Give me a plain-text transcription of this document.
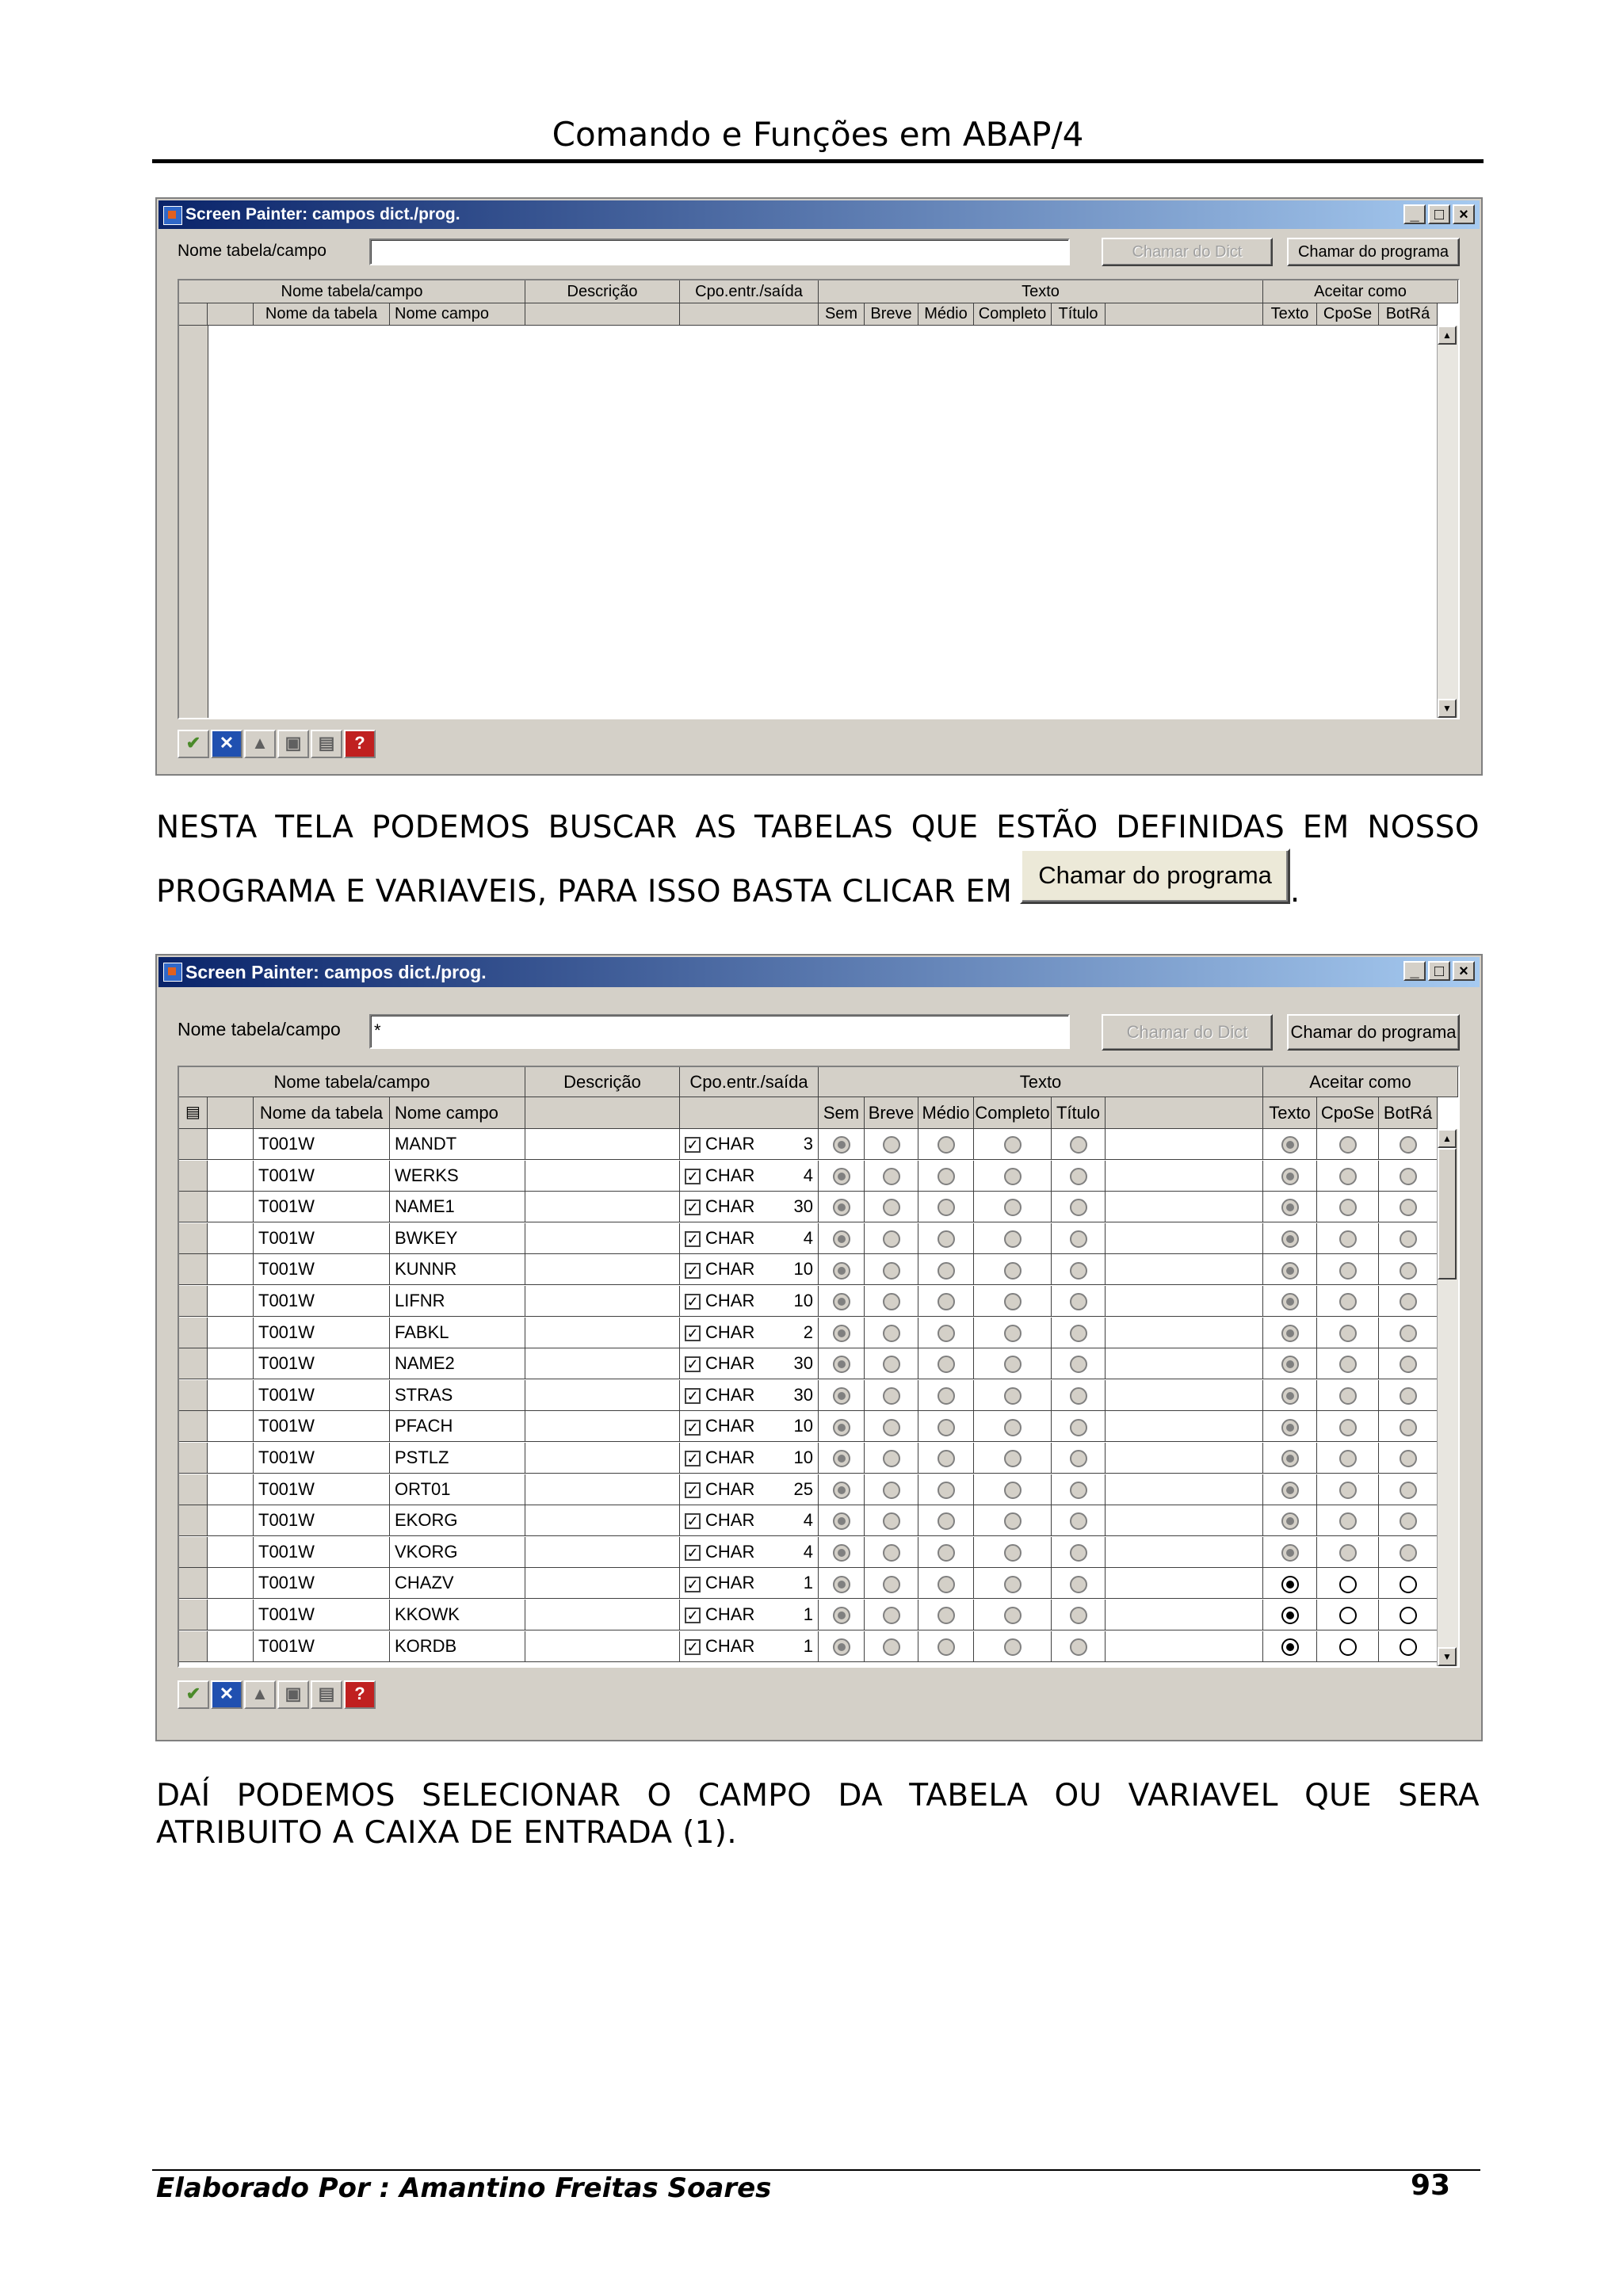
Comando e Funções em ABAP/4
Screen Painter: campos dict./prog.	_ □ ×
Nome tabela/campo	Chamar do Dict	Chamar do programa
Nome tabela/campo	Descrição	Cpo.entr./saída	Texto	Aceitar como
Nome da tabela	Nome campo	Sem Breve Médio Completo Título	Texto CpoSe BotRá
▲
▼
✔	✕ ▲ ▣ ▤	?
NESTA TELA PODEMOS BUSCAR AS TABELAS QUE ESTÃO DEFINIDAS EM NOSSO
PROGRAMA E VARIAVEIS, PARA ISSO BASTA CLICAR EM	Chamar do programa .
Screen Painter: campos dict./prog.	_ □ ×
Nome tabela/campo *	Chamar do Dict	Chamar do programa
Nome tabela/campo	Descrição	Cpo.entr./saída	Texto	Aceitar como
▤	Nome da tabela Nome campo	Sem Breve Médio Completo Título	Texto CpoSe BotRá
T001W	MANDT	✓ CHAR	3
T001W	WERKS	✓ CHAR	4
T001W	NAME1	✓ CHAR 30
T001W	BWKEY	✓ CHAR	4
T001W	KUNNR	✓ CHAR 10
T001W	LIFNR	✓ CHAR 10
T001W	FABKL	✓ CHAR	2
T001W	NAME2	✓ CHAR 30
T001W	STRAS	✓ CHAR 30
T001W	PFACH	✓ CHAR 10
T001W	PSTLZ	✓ CHAR 10
T001W	ORT01	✓ CHAR 25
T001W	EKORG	✓ CHAR	4
T001W	VKORG	✓ CHAR	4
T001W	CHAZV	✓ CHAR	1
T001W	KKOWK	✓ CHAR	1
T001W	KORDB	✓ CHAR	1
▲
▼
✔	✕ ▲ ▣ ▤	?
DAÍ PODEMOS SELECIONAR O CAMPO DA TABELA OU VARIAVEL QUE SERA
ATRIBUITO A CAIXA DE ENTRADA (1).
Elaborado Por : Amantino Freitas Soares	93
